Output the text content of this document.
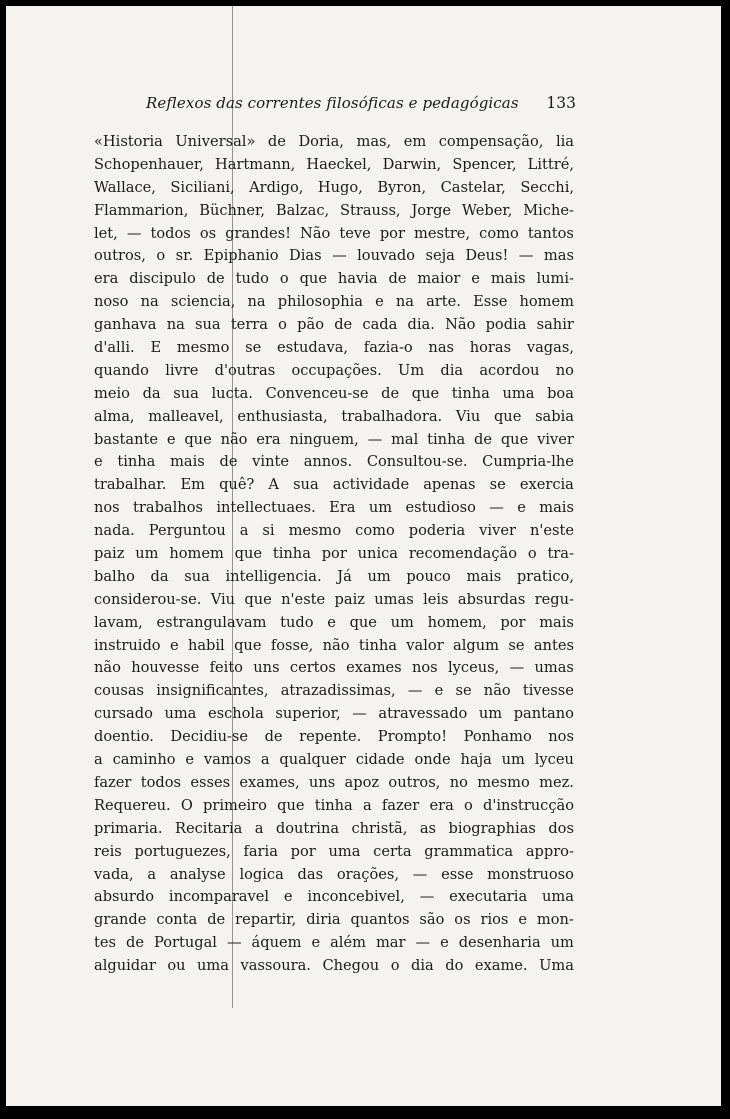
Reflexos das correntes filosóficas e pedagógicas 133
«Historia Universal» de Doria, mas, em compensação, lia
Schopenhauer, Hartmann, Haeckel, Darwin, Spencer, Littré,
Wallace, Siciliani, Ardigo, Hugo, Byron, Castelar, Secchi,
Flammarion, Büchner, Balzac, Strauss, Jorge Weber, Miche-
let, — todos os grandes! Não teve por mestre, como tantos
outros, o sr. Epiphanio Dias — louvado seja Deus! — mas
era discipulo de tudo o que havia de maior e mais lumi-
noso na sciencia, na philosophia e na arte. Esse homem
ganhava na sua terra o pão de cada dia. Não podia sahir
d'alli. E mesmo se estudava, fazia-o nas horas vagas,
quando livre d'outras occupações. Um dia acordou no
meio da sua lucta. Convenceu-se de que tinha uma boa
alma, malleavel, enthusiasta, trabalhadora. Viu que sabia
bastante e que não era ninguem, — mal tinha de que viver
e tinha mais de vinte annos. Consultou-se. Cumpria-lhe
trabalhar. Em quê? A sua actividade apenas se exercia
nos trabalhos intellectuaes. Era um estudioso — e mais
nada. Perguntou a si mesmo como poderia viver n'este
paiz um homem que tinha por unica recomendação o tra-
balho da sua intelligencia. Já um pouco mais pratico,
considerou-se. Viu que n'este paiz umas leis absurdas regu-
lavam, estrangulavam tudo e que um homem, por mais
instruido e habil que fosse, não tinha valor algum se antes
não houvesse feito uns certos exames nos lyceus, — umas
cousas insignificantes, atrazadissimas, — e se não tivesse
cursado uma eschola superior, — atravessado um pantano
doentio. Decidiu-se de repente. Prompto! Ponhamo nos
a caminho e vamos a qualquer cidade onde haja um lyceu
fazer todos esses exames, uns apoz outros, no mesmo mez.
Requereu. O primeiro que tinha a fazer era o d'instrucção
primaria. Recitaria a doutrina christã, as biographias dos
reis portuguezes, faria por uma certa grammatica appro-
vada, a analyse logica das orações, — esse monstruoso
absurdo incomparavel e inconcebivel, — executaria uma
grande conta de repartir, diria quantos são os rios e mon-
tes de Portugal — áquem e além mar — e desenharia um
alguidar ou uma vassoura. Chegou o dia do exame. Uma
